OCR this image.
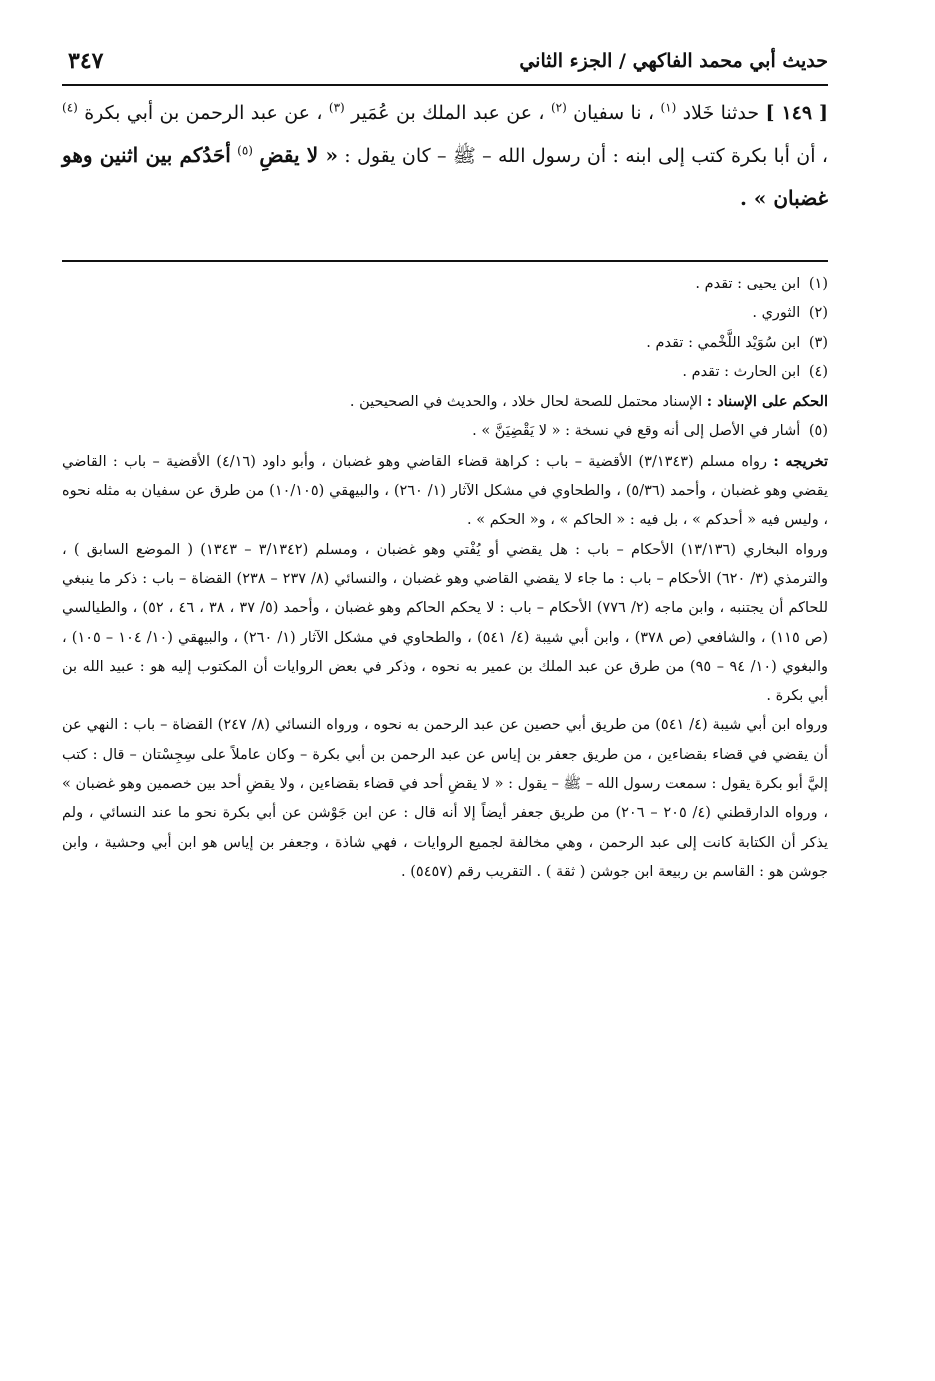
حديث أبي محمد الفاكهي / الجزء الثاني
٣٤٧

[ ١٤٩ ] حدثنا خَلاد $^{(١)}$ ، نا سفيان $^{(٢)}$ ، عن عبد الملك بن عُمَير $^{(٣)}$ ، عن عبد الرحمن بن أبي بكرة $^{(٤)}$ ، أن أبا بكرة كتب إلى ابنه : أن رسول الله – ﷺ – كان يقول : « لا يقضِ $^{(٥)}$ أحَدُكم بين اثنين وهو غضبان » .

(١) ابن يحيى : تقدم .

(٢) الثوري .

(٣) ابن سُوَيْد اللَّخْمي : تقدم .

(٤) ابن الحارث : تقدم .

الحكم على الإسناد : الإسناد محتمل للصحة لحال خلاد ، والحديث في الصحيحين .

(٥) أشار في الأصل إلى أنه وقع في نسخة : « لا يَقْضِيَنَّ » .

تخريجه : رواه مسلم (٣/١٣٤٣) الأقضية – باب : كراهة قضاء القاضي وهو غضبان ، وأبو داود (٤/١٦) الأقضية – باب : القاضي يقضي وهو غضبان ، وأحمد (٥/٣٦) ، والطحاوي في مشكل الآثار (١/ ٢٦٠) ، والبيهقي (١٠/١٠٥) من طرق عن سفيان به مثله نحوه ، وليس فيه « أحدكم » ، بل فيه : « الحاكم » ، و« الحكم » .

ورواه البخاري (١٣/١٣٦) الأحكام – باب : هل يقضي أو يُفْتي وهو غضبان ، ومسلم (٣/١٣٤٢ – ١٣٤٣) ( الموضع السابق ) ، والترمذي (٣/ ٦٢٠) الأحكام – باب : ما جاء لا يقضي القاضي وهو غضبان ، والنسائي (٨/ ٢٣٧ – ٢٣٨) القضاة – باب : ذكر ما ينبغي للحاكم أن يجتنبه ، وابن ماجه (٢/ ٧٧٦) الأحكام – باب : لا يحكم الحاكم وهو غضبان ، وأحمد (٥/ ٣٧ ، ٣٨ ، ٤٦ ، ٥٢) ، والطيالسي (ص ١١٥) ، والشافعي (ص ٣٧٨) ، وابن أبي شيبة (٤/ ٥٤١) ، والطحاوي في مشكل الآثار (١/ ٢٦٠) ، والبيهقي (١٠/ ١٠٤ – ١٠٥) ، والبغوي (١٠/ ٩٤ – ٩٥) من طرق عن عبد الملك بن عمير به نحوه ، وذكر في بعض الروايات أن المكتوب إليه هو : عبيد الله بن أبي بكرة .

ورواه ابن أبي شيبة (٤/ ٥٤١) من طريق أبي حصين عن عبد الرحمن به نحوه ، ورواه النسائي (٨/ ٢٤٧) القضاة – باب : النهي عن أن يقضي في قضاء بقضاءين ، من طريق جعفر بن إياس عن عبد الرحمن بن أبي بكرة – وكان عاملاً على سِجِسْتان – قال : كتب إليَّ أبو بكرة يقول : سمعت رسول الله – ﷺ – يقول : « لا يقضِ أحد في قضاء بقضاءين ، ولا يقضِ أحد بين خصمين وهو غضبان » ، ورواه الدارقطني (٤/ ٢٠٥ – ٢٠٦) من طريق جعفر أيضاً إلا أنه قال : عن ابن جَوْشن عن أبي بكرة نحو ما عند النسائي ، ولم يذكر أن الكتابة كانت إلى عبد الرحمن ، وهي مخالفة لجميع الروايات ، فهي شاذة ، وجعفر بن إياس هو ابن أبي وحشية ، وابن جوشن هو : القاسم بن ربيعة ابن جوشن ( ثقة ) . التقريب رقم (٥٤٥٧) .
